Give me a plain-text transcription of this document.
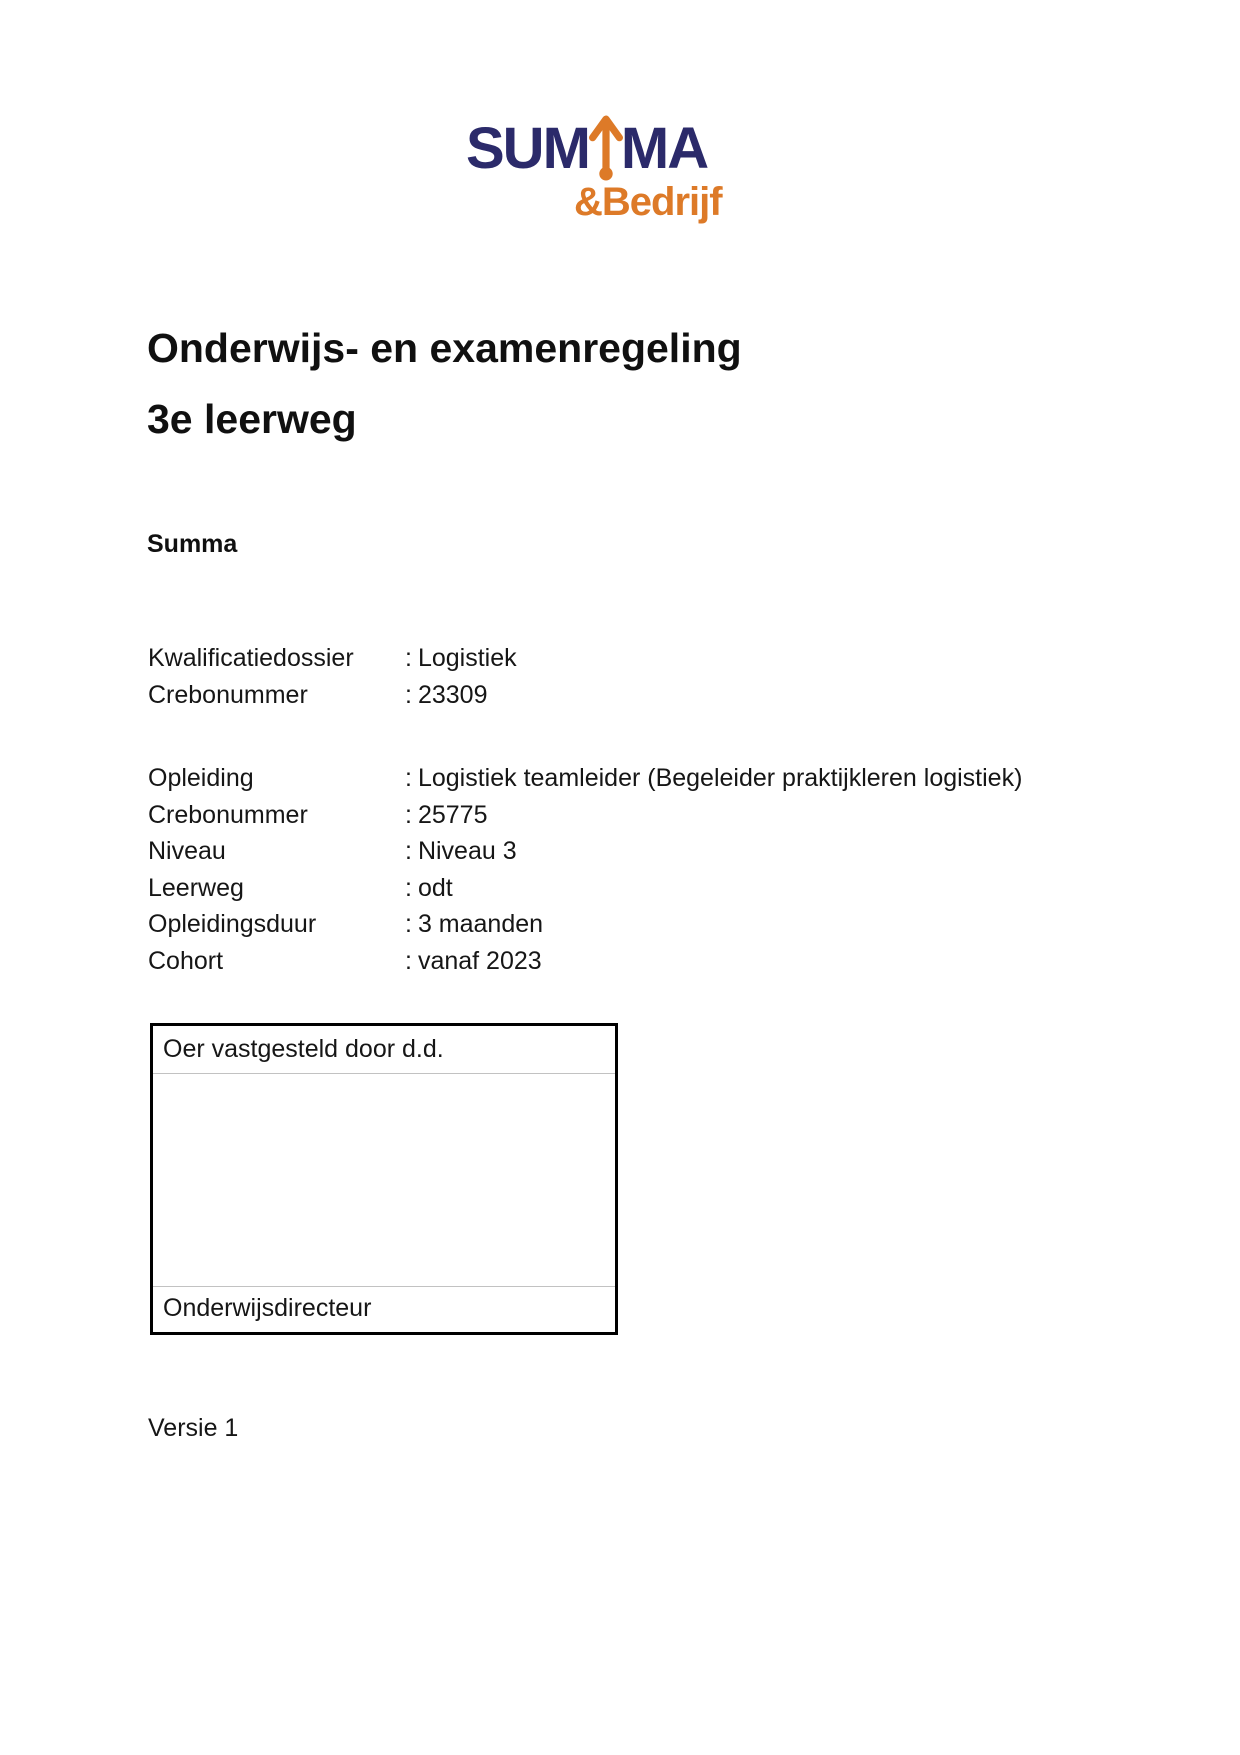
SUM MA
&Bedrijf
Onderwijs- en examenregeling
3e leerweg
Summa
Kwalificatiedossier	: Logistiek
Crebonummer	: 23309
Opleiding	: Logistiek teamleider (Begeleider praktijkleren logistiek)
Crebonummer	: 25775
Niveau	: Niveau 3
Leerweg	: odt
Opleidingsduur	: 3 maanden
Cohort	: vanaf 2023
Oer vastgesteld door d.d.
Onderwijsdirecteur
Versie 1
